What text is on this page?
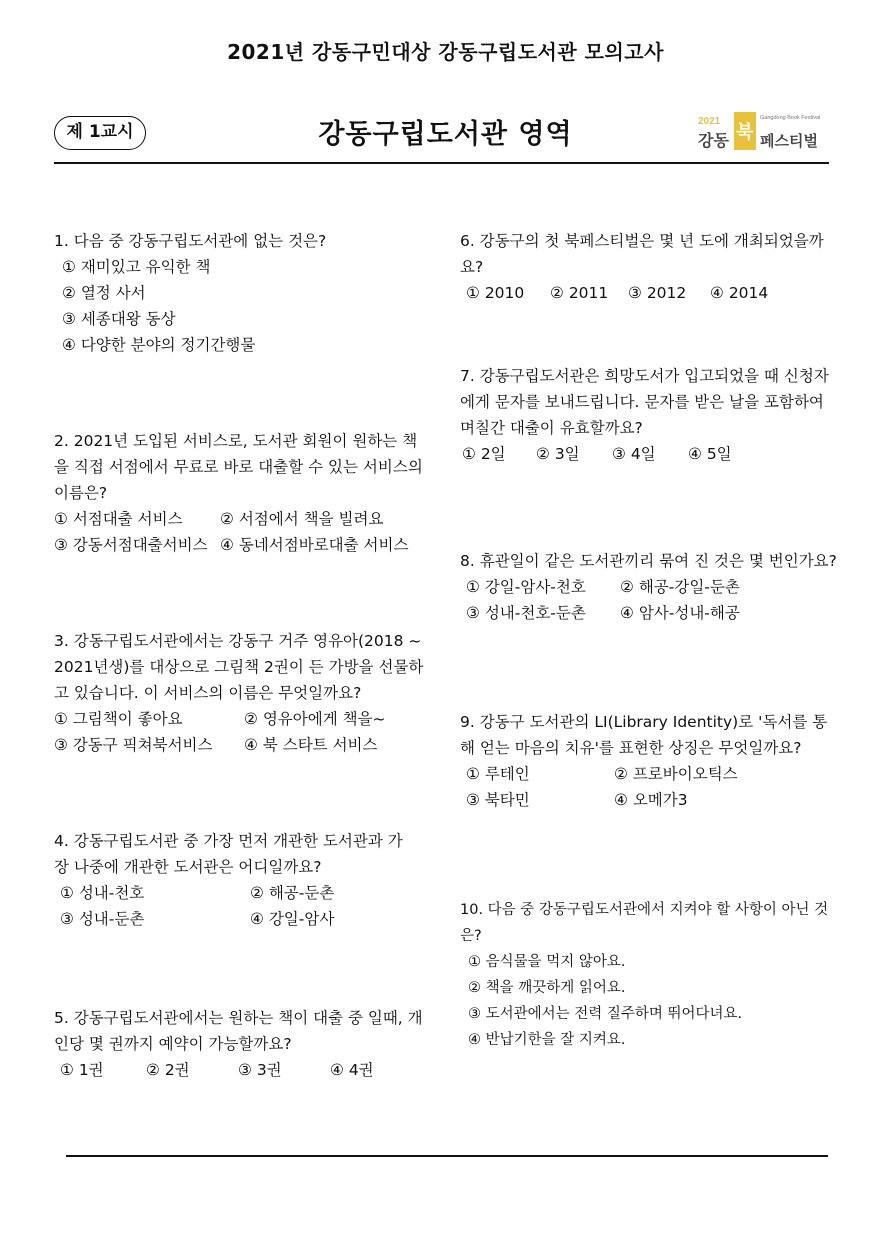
2021년 강동구민대상 강동구립도서관 모의고사
제 1교시	강동구립도서관 영역	2021
강동 북
Gangdong Book Festival
페스티벌
1. 다음 중 강동구립도서관에 없는 것은?
① 재미있고 유익한 책
② 열정 사서
③ 세종대왕 동상
④ 다양한 분야의 정기간행물
2. 2021년 도입된 서비스로, 도서관 회원이 원하는 책을 직접 서점에서 무료로 바로 대출할 수 있는 서비스의 이름은?
① 서점대출 서비스	② 서점에서 책을 빌려요
③ 강동서점대출서비스 ④ 동네서점바로대출 서비스
3. 강동구립도서관에서는 강동구 거주 영유아(2018 ~ 2021년생)를 대상으로 그림책 2권이 든 가방을 선물하고 있습니다. 이 서비스의 이름은 무엇일까요?
① 그림책이 좋아요	② 영유아에게 책을~
③ 강동구 픽쳐북서비스	④ 북 스타트 서비스
4. 강동구립도서관 중 가장 먼저 개관한 도서관과 가장 나중에 개관한 도서관은 어디일까요?
① 성내-천호	② 해공-둔촌
③ 성내-둔촌	④ 강일-암사
5. 강동구립도서관에서는 원하는 책이 대출 중 일때, 개인당 몇 권까지 예약이 가능할까요?
① 1권	② 2권	③ 3권	④ 4권
6. 강동구의 첫 북페스티벌은 몇 년 도에 개최되었을까요?
① 2010	② 2011	③ 2012	④ 2014
7. 강동구립도서관은 희망도서가 입고되었을 때 신청자에게 문자를 보내드립니다. 문자를 받은 날을 포함하여 며칠간 대출이 유효할까요?
① 2일	② 3일	③ 4일	④ 5일
8. 휴관일이 같은 도서관끼리 묶여 진 것은 몇 번인가요?
① 강일-암사-천호	② 해공-강일-둔촌
③ 성내-천호-둔촌	④ 암사-성내-해공
9. 강동구 도서관의 LI(Library Identity)로 '독서를 통해 얻는 마음의 치유'를 표현한 상징은 무엇일까요?
① 루테인	② 프로바이오틱스
③ 북타민	④ 오메가3
10. 다음 중 강동구립도서관에서 지켜야 할 사항이 아닌 것은?
① 음식물을 먹지 않아요.
② 책을 깨끗하게 읽어요.
③ 도서관에서는 전력 질주하며 뛰어다녀요.
④ 반납기한을 잘 지켜요.
